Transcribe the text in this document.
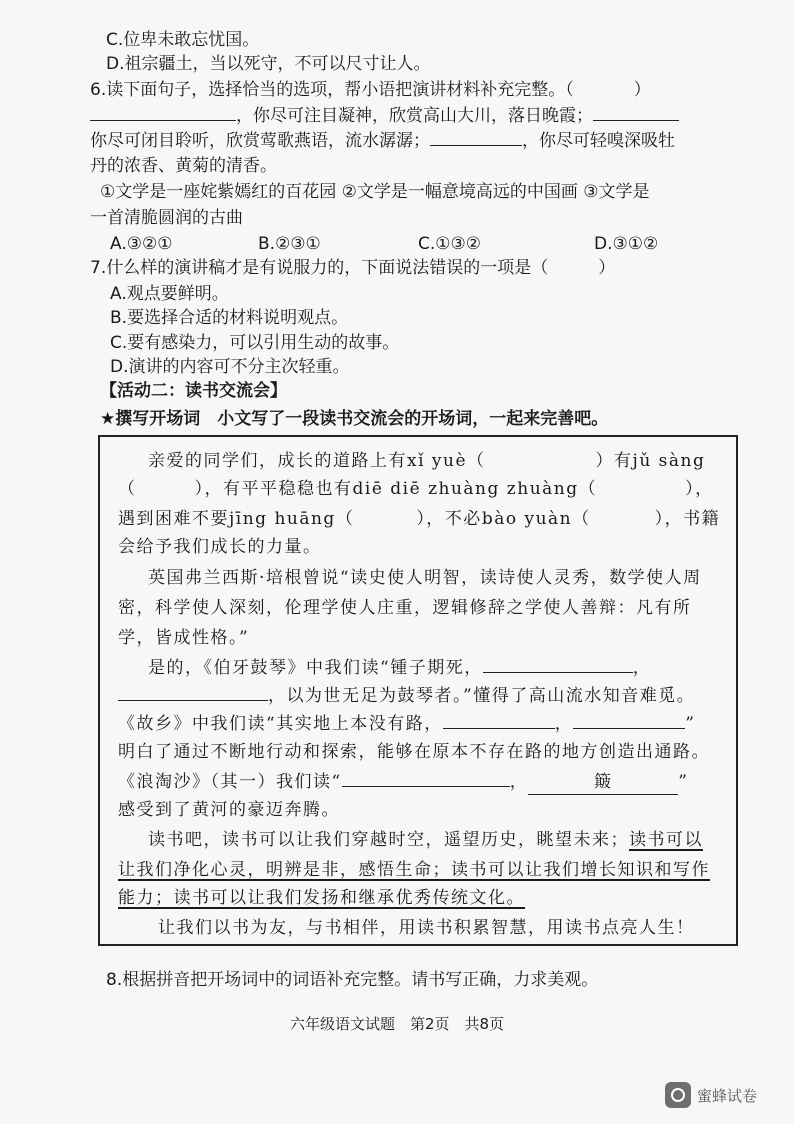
C.位卑未敢忘忧国。
D.祖宗疆土，当以死守，不可以尺寸让人。
6.读下面句子，选择恰当的选项，帮小语把演讲材料补充完整。（	）
，你尽可注目凝神，欣赏高山大川，落日晚霞；
你尽可闭目聆听，欣赏莺歌燕语，流水潺潺；	，你尽可轻嗅深吸牡
丹的浓香、黄菊的清香。
①文学是一座姹紫嫣红的百花园 ②文学是一幅意境高远的中国画 ③文学是
一首清脆圆润的古曲
A.③②①	B.②③①	C.①③②	D.③①②
7.什么样的演讲稿才是有说服力的，下面说法错误的一项是（	）
A.观点要鲜明。
B.要选择合适的材料说明观点。
C.要有感染力，可以引用生动的故事。
D.演讲的内容可不分主次轻重。
【活动二：读书交流会】
★撰写开场词　小文写了一段读书交流会的开场词，一起来完善吧。
亲爱的同学们，成长的道路上有xǐ yuè（	）有jǔ sàng
（	），有平平稳稳也有diē diē zhuàng zhuàng（	），
遇到困难不要jīng huāng（	），不必bào yuàn（	），书籍
会给予我们成长的力量。
英国弗兰西斯·培根曾说“读史使人明智，读诗使人灵秀，数学使人周
密，科学使人深刻，伦理学使人庄重，逻辑修辞之学使人善辩：凡有所
学，皆成性格。”
是的，《伯牙鼓琴》中我们读“锺子期死，	，
，以为世无足为鼓琴者。”懂得了高山流水知音难觅。
《故乡》中我们读“其实地上本没有路，	，	”
明白了通过不断地行动和探索，能够在原本不存在路的地方创造出通路。
《浪淘沙》（其一）我们读“	，	簸	”
感受到了黄河的豪迈奔腾。
读书吧，读书可以让我们穿越时空，遥望历史，眺望未来；读书可以
让我们净化心灵，明辨是非，感悟生命；读书可以让我们增长知识和写作
能力；读书可以让我们发扬和继承优秀传统文化。
让我们以书为友，与书相伴，用读书积累智慧，用读书点亮人生！
8.根据拼音把开场词中的词语补充完整。请书写正确，力求美观。
六年级语文试题　第2页　共8页
蜜蜂试卷
